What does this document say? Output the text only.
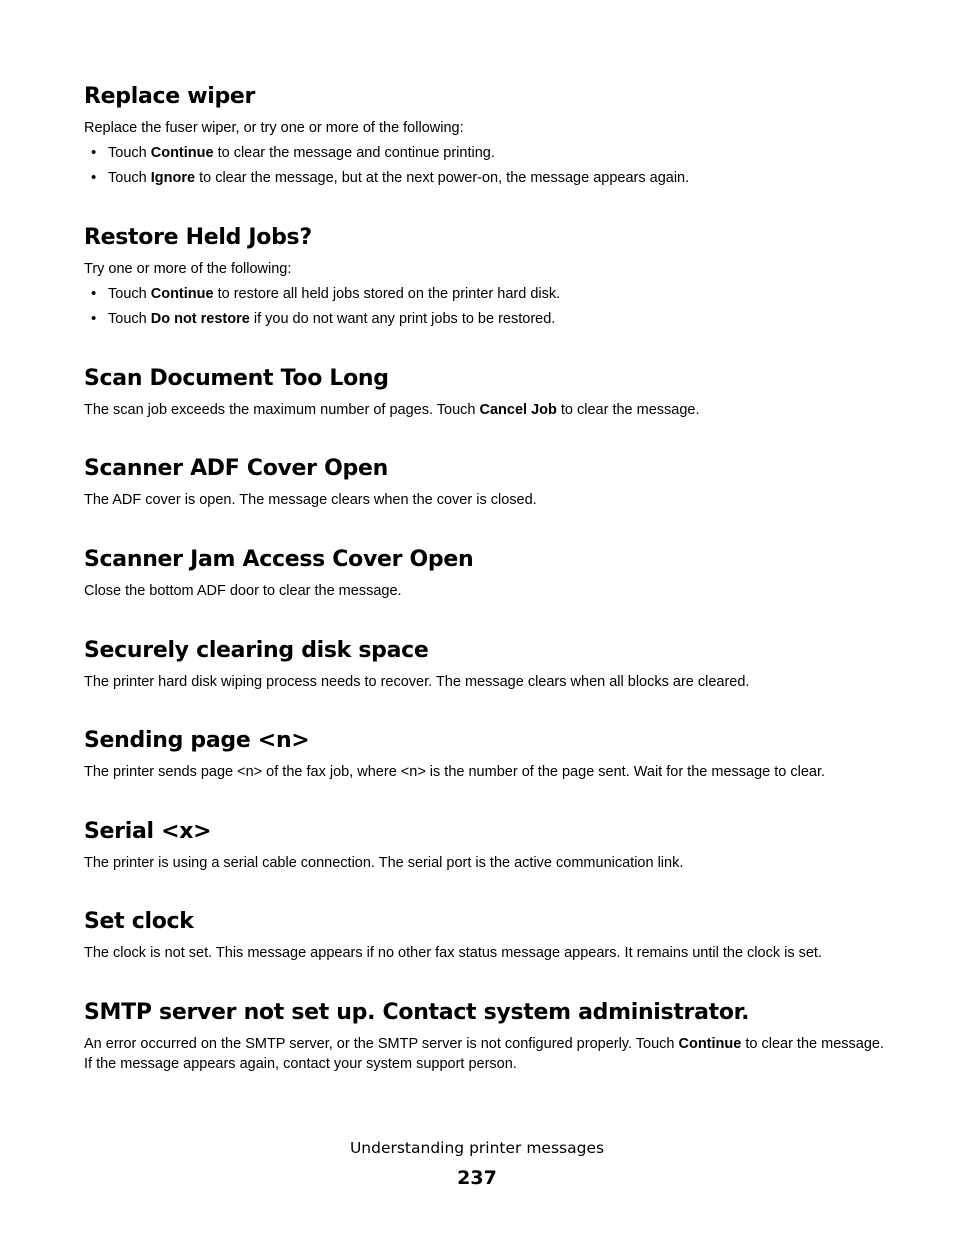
Replace wiper

Replace the fuser wiper, or try one or more of the following:

• Touch Continue to clear the message and continue printing.
• Touch Ignore to clear the message, but at the next power-on, the message appears again.
Restore Held Jobs?

Try one or more of the following:

• Touch Continue to restore all held jobs stored on the printer hard disk.
• Touch Do not restore if you do not want any print jobs to be restored.
Scan Document Too Long

The scan job exceeds the maximum number of pages. Touch Cancel Job to clear the message.

Scanner ADF Cover Open

The ADF cover is open. The message clears when the cover is closed.

Scanner Jam Access Cover Open

Close the bottom ADF door to clear the message.

Securely clearing disk space

The printer hard disk wiping process needs to recover. The message clears when all blocks are cleared.

Sending page <n>

The printer sends page <n> of the fax job, where <n> is the number of the page sent. Wait for the message to clear.

Serial <x>

The printer is using a serial cable connection. The serial port is the active communication link.

Set clock

The clock is not set. This message appears if no other fax status message appears. It remains until the clock is set.

SMTP server not set up. Contact system administrator.

An error occurred on the SMTP server, or the SMTP server is not configured properly. Touch Continue to clear the message. If the message appears again, contact your system support person.

Understanding printer messages
237
